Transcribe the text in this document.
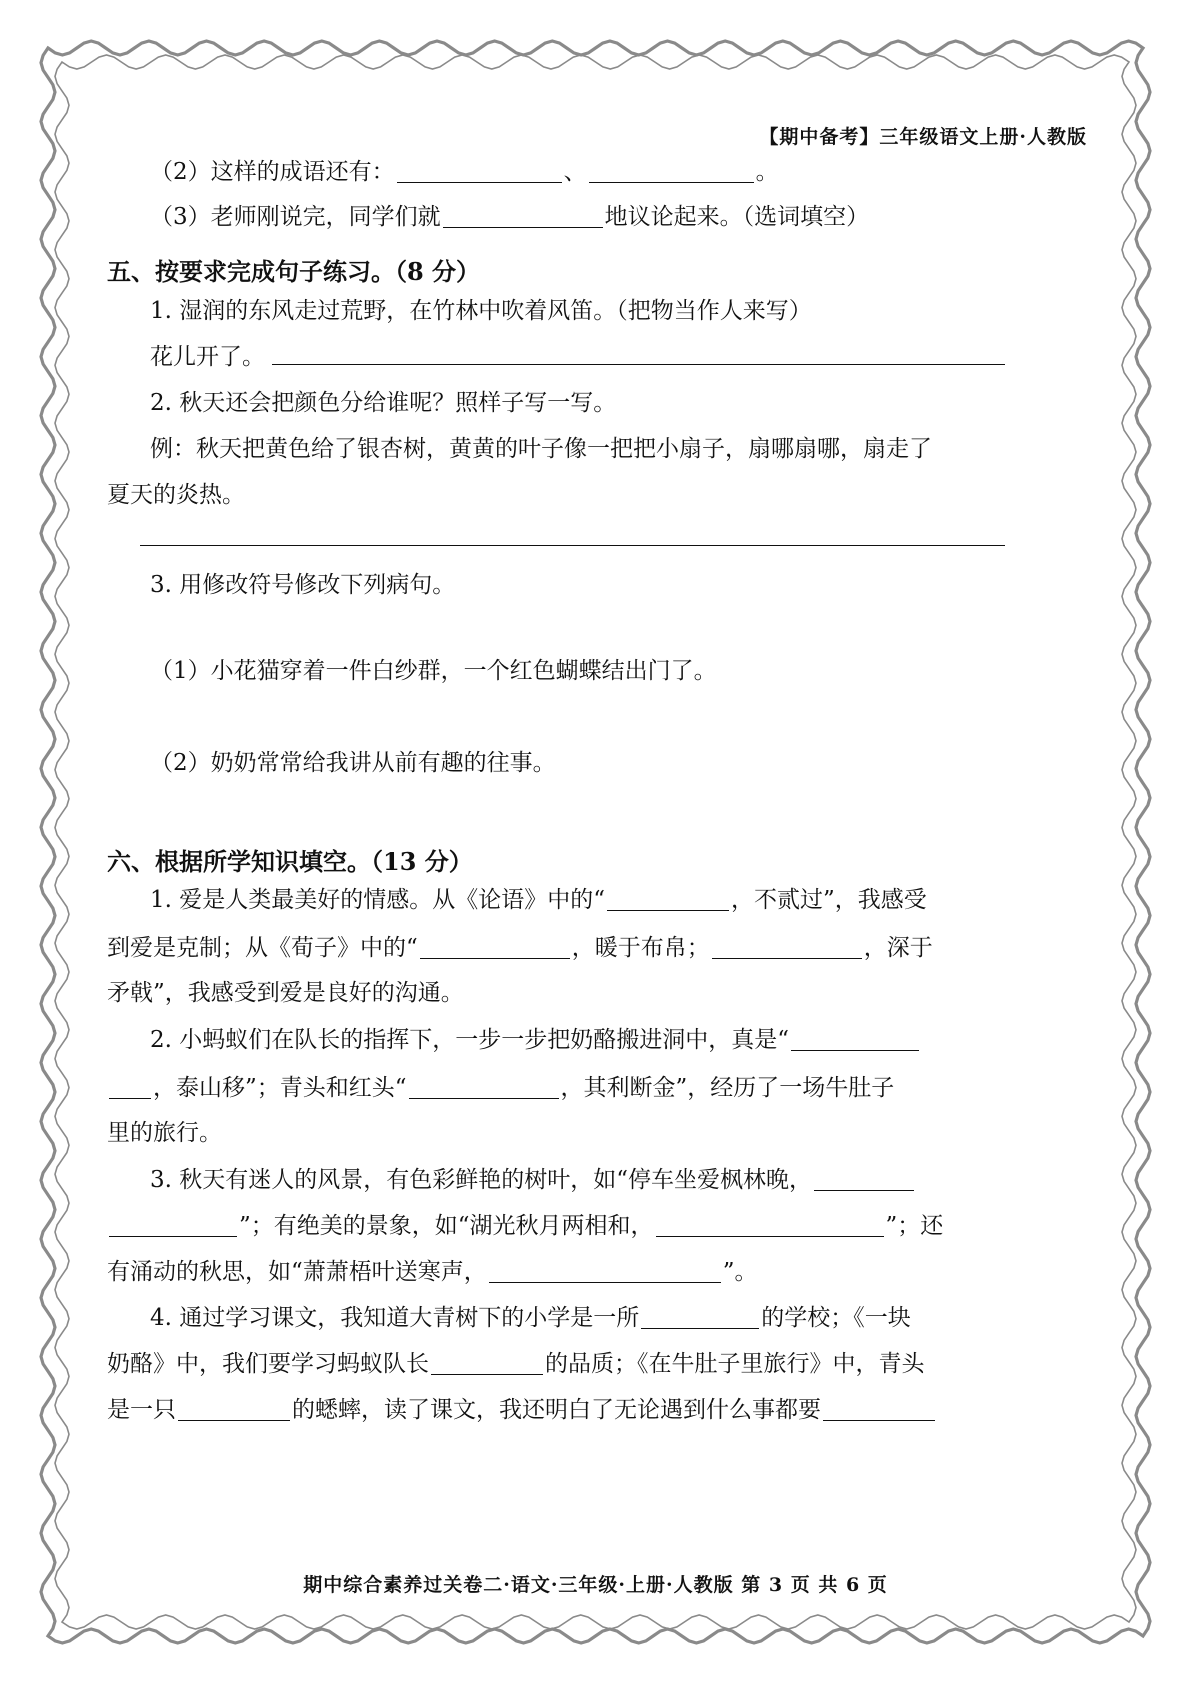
【期中备考】三年级语文上册·人教版
（2）这样的成语还有：	、	。
（3）老师刚说完，同学们就	地议论起来。（选词填空）
五、按要求完成句子练习。（8 分）
1. 湿润的东风走过荒野，在竹林中吹着风笛。（把物当作人来写）
花儿开了。
2. 秋天还会把颜色分给谁呢？照样子写一写。
例：秋天把黄色给了银杏树，黄黄的叶子像一把把小扇子，扇哪扇哪，扇走了
夏天的炎热。
3. 用修改符号修改下列病句。
（1）小花猫穿着一件白纱群，一个红色蝴蝶结出门了。
（2）奶奶常常给我讲从前有趣的往事。
六、根据所学知识填空。（13 分）
1. 爱是人类最美好的情感。从《论语》中的“	，不贰过”，我感受
到爱是克制；从《荀子》中的“	，暖于布帛；	，深于
矛戟”，我感受到爱是良好的沟通。
2. 小蚂蚁们在队长的指挥下，一步一步把奶酪搬进洞中，真是“
，泰山移”；青头和红头“	，其利断金”，经历了一场牛肚子
里的旅行。
3. 秋天有迷人的风景，有色彩鲜艳的树叶，如“停车坐爱枫林晚，
”；有绝美的景象，如“湖光秋月两相和，	”；还
有涌动的秋思，如“萧萧梧叶送寒声，	”。
4. 通过学习课文，我知道大青树下的小学是一所	的学校；《一块
奶酪》中，我们要学习蚂蚁队长	的品质；《在牛肚子里旅行》中，青头
是一只	的蟋蟀，读了课文，我还明白了无论遇到什么事都要
期中综合素养过关卷二·语文·三年级·上册·人教版 第 3 页 共 6 页
